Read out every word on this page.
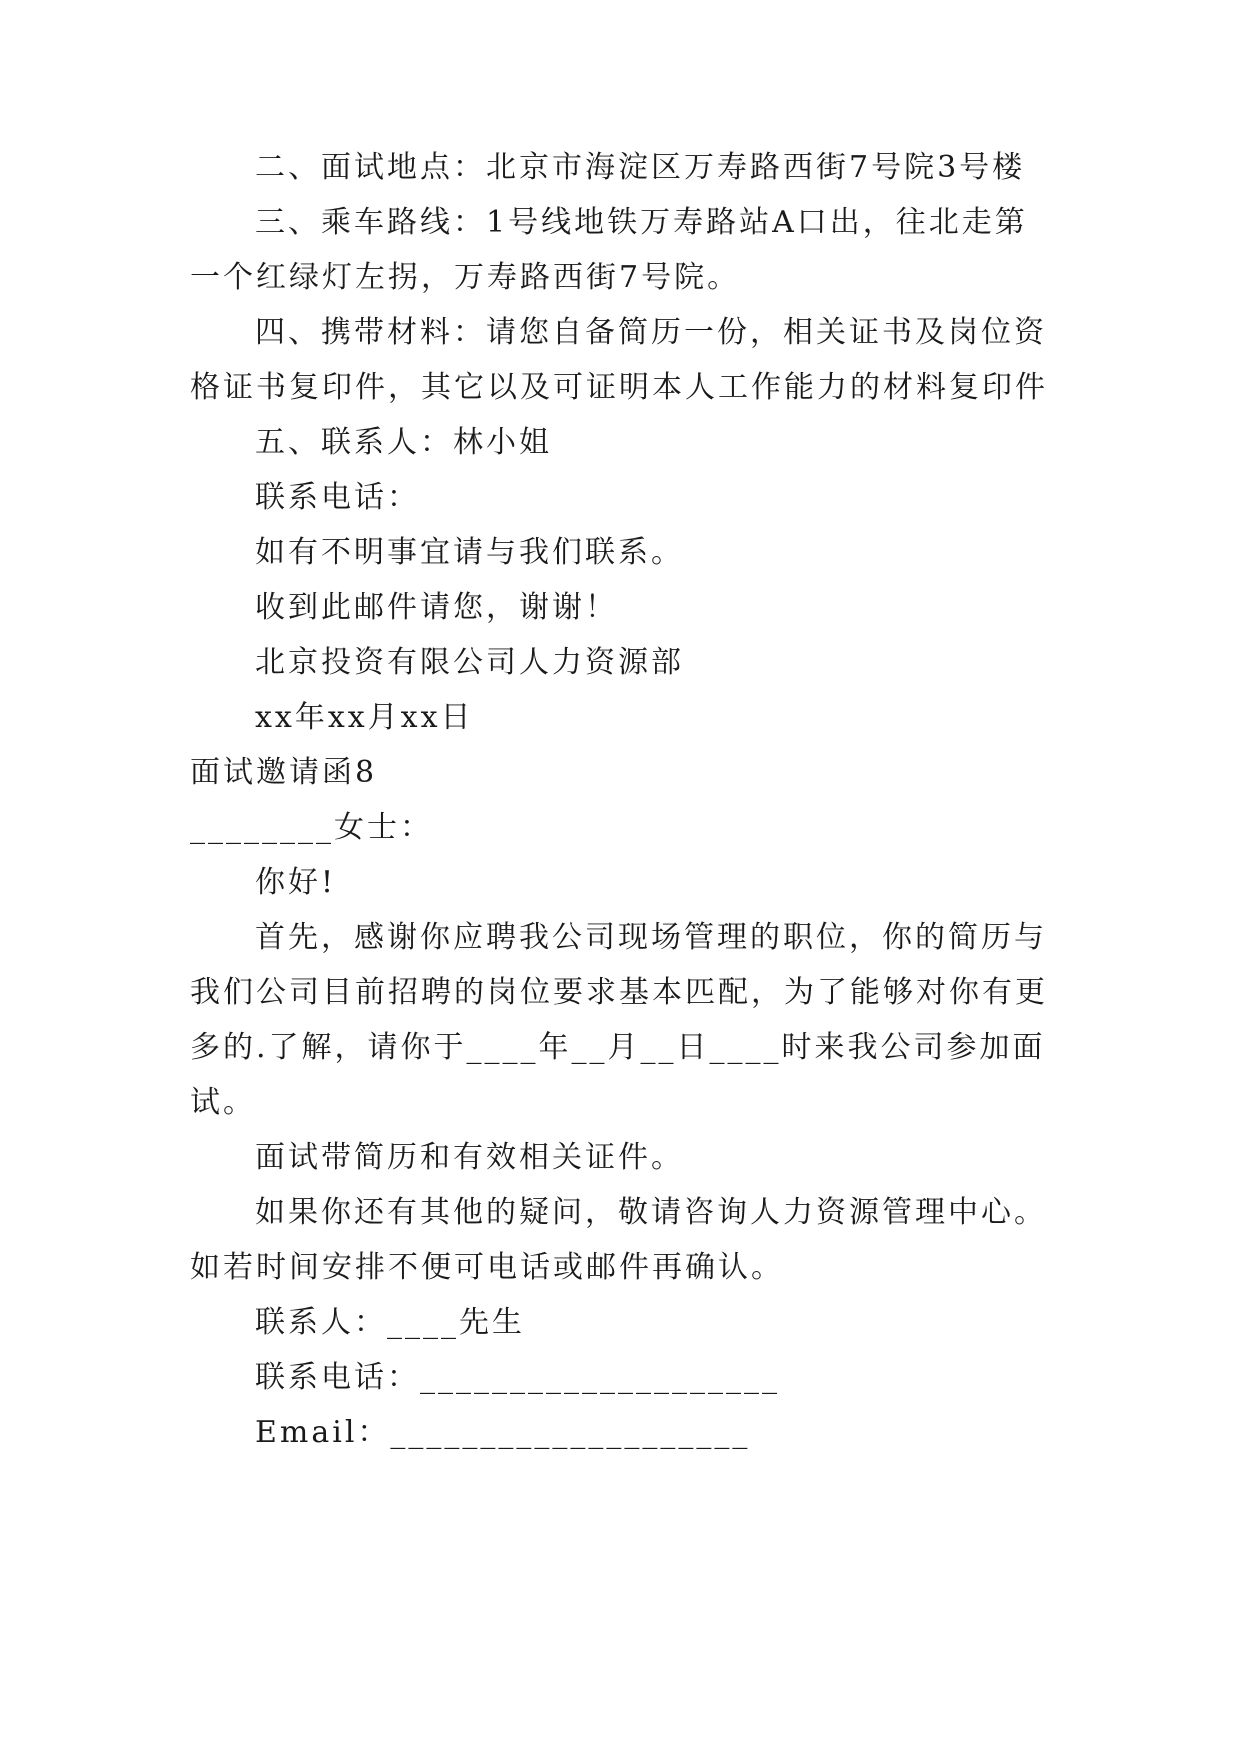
二、面试地点：北京市海淀区万寿路西街7号院3号楼
三、乘车路线：1号线地铁万寿路站A口出，往北走第
一个红绿灯左拐，万寿路西街7号院。
四、携带材料：请您自备简历一份，相关证书及岗位资
格证书复印件，其它以及可证明本人工作能力的材料复印件
五、联系人：林小姐
联系电话：
如有不明事宜请与我们联系。
收到此邮件请您，谢谢！
北京投资有限公司人力资源部
xx年xx月xx日
面试邀请函8
________女士：
你好!
首先，感谢你应聘我公司现场管理的职位，你的简历与
我们公司目前招聘的岗位要求基本匹配，为了能够对你有更
多的.了解，请你于____年__月__日____时来我公司参加面
试。
面试带简历和有效相关证件。
如果你还有其他的疑问，敬请咨询人力资源管理中心。
如若时间安排不便可电话或邮件再确认。
联系人：____先生
联系电话：____________________
Email：____________________
